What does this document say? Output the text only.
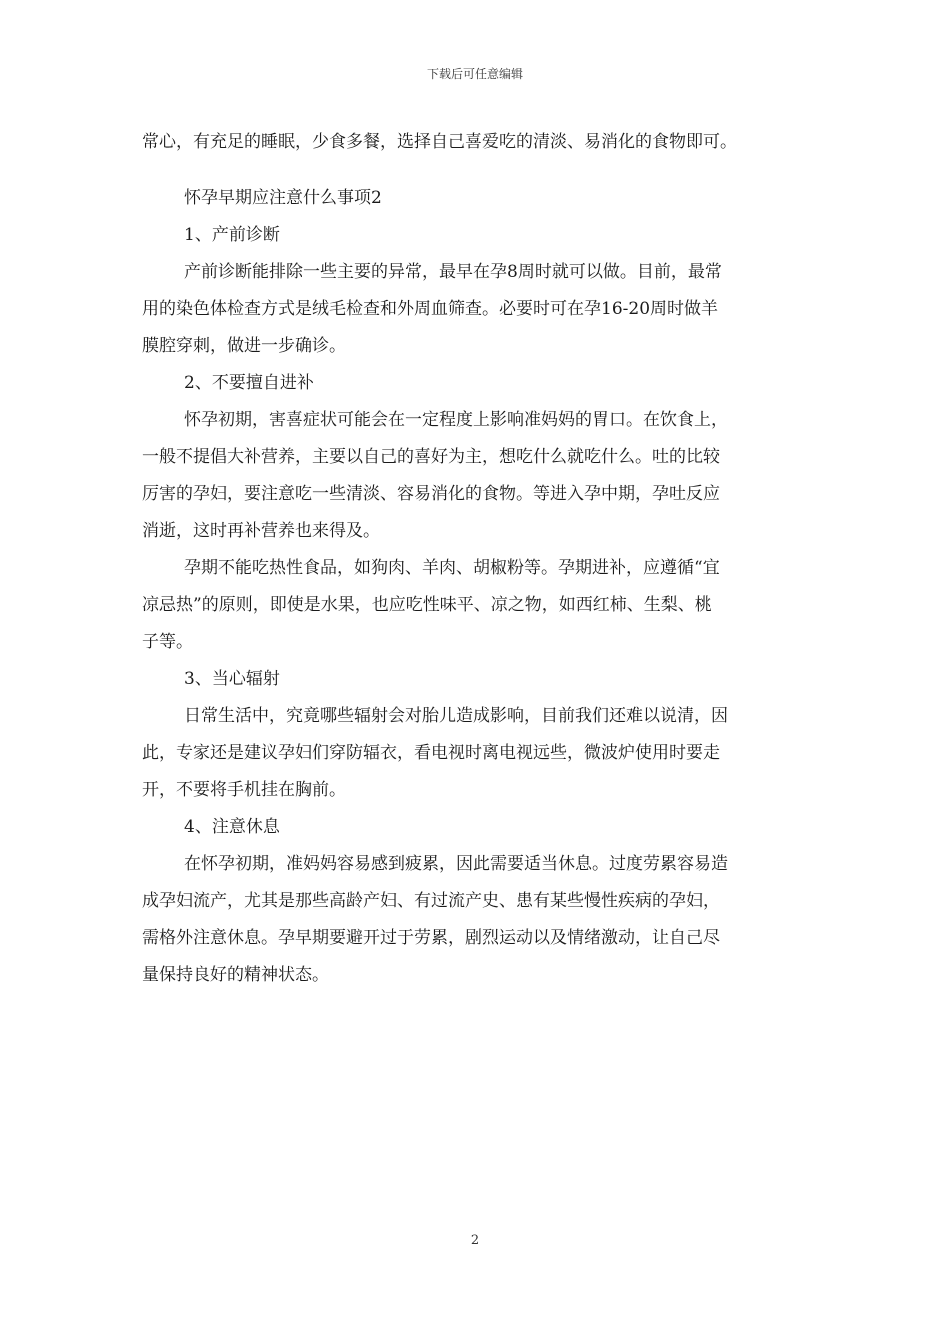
下载后可任意编辑
常心，有充足的睡眠，少食多餐，选择自己喜爱吃的清淡、易消化的食物即可。
怀孕早期应注意什么事项2
1、产前诊断
产前诊断能排除一些主要的异常，最早在孕8周时就可以做。目前，最常
用的染色体检查方式是绒毛检查和外周血筛查。必要时可在孕16-20周时做羊
膜腔穿刺，做进一步确诊。
2、不要擅自进补
怀孕初期，害喜症状可能会在一定程度上影响准妈妈的胃口。在饮食上，
一般不提倡大补营养，主要以自己的喜好为主，想吃什么就吃什么。吐的比较
厉害的孕妇，要注意吃一些清淡、容易消化的食物。等进入孕中期，孕吐反应
消逝，这时再补营养也来得及。
孕期不能吃热性食品，如狗肉、羊肉、胡椒粉等。孕期进补，应遵循“宜
凉忌热”的原则，即使是水果，也应吃性味平、凉之物，如西红柿、生梨、桃
子等。
3、当心辐射
日常生活中，究竟哪些辐射会对胎儿造成影响，目前我们还难以说清，因
此，专家还是建议孕妇们穿防辐衣，看电视时离电视远些，微波炉使用时要走
开，不要将手机挂在胸前。
4、注意休息
在怀孕初期，准妈妈容易感到疲累，因此需要适当休息。过度劳累容易造
成孕妇流产，尤其是那些高龄产妇、有过流产史、患有某些慢性疾病的孕妇，
需格外注意休息。孕早期要避开过于劳累，剧烈运动以及情绪激动，让自己尽
量保持良好的精神状态。
2
